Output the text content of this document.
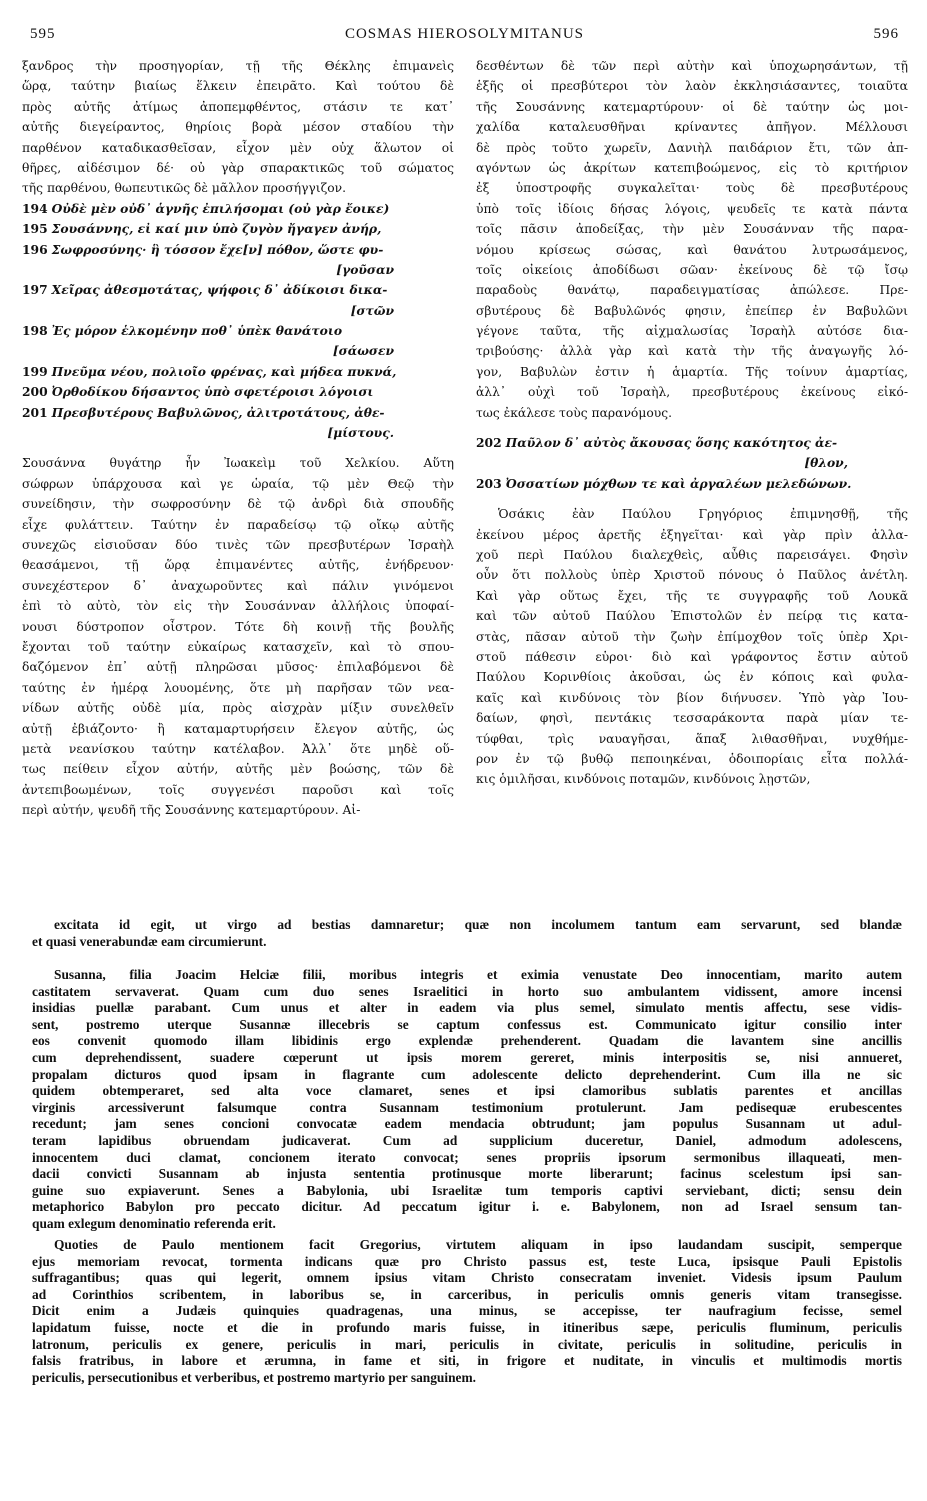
595	COSMAS HIEROSOLYMITANUS	596
ξανδρος τὴν προσηγορίαν, τῇ τῆς Θέκλης ἐπιμανεὶς
ὥρᾳ, ταύτην βιαίως ἕλκειν ἐπειρᾶτο. Καὶ τούτου δὲ
πρὸς αὐτῆς ἀτίμως ἀποπεμφθέντος, στάσιν τε κατ᾽
αὐτῆς διεγείραντος, θηρίοις βορὰ μέσον σταδίου τὴν
παρθένον καταδικασθεῖσαν, εἶχον μὲν οὐχ ἅλωτον οἱ
θῆρες, αἰδέσιμον δέ· οὐ γὰρ σπαρακτικῶς τοῦ σώματος
τῆς παρθένου, θωπευτικῶς δὲ μᾶλλον προσήγγιζον.
194 Οὐδὲ μὲν οὐδ᾽ ἁγνῆς ἐπιλήσομαι (οὐ γὰρ ἔοικε)
195 Σουσάννης, εἰ καί μιν ὑπὸ ζυγὸν ἤγαγεν ἀνήρ,
196 Σωφροσύνης· ἣ τόσσον ἔχε[ν] πόθον, ὥστε φυ-
[γοῦσαν
197 Χεῖρας ἀθεσμοτάτας, ψήφοις δ᾽ ἀδίκοισι δικα-
[στῶν
198 Ἐς μόρον ἑλκομένην ποθ᾽ ὑπὲκ θανάτοιο
[σάωσεν
199 Πνεῦμα νέου, πολιοῖο φρένας, καὶ μήδεα πυκνά,
200 Ὀρθοδίκου δήσαντος ὑπὸ σφετέροισι λόγοισι
201 Πρεσβυτέρους Βαβυλῶνος, ἀλιτροτάτους, ἀθε-
[μίστους.
Σουσάννα θυγάτηρ ἦν Ἰωακεὶμ τοῦ Χελκίου. Αὕτη
σώφρων ὑπάρχουσα καὶ γε ὡραία, τῷ μὲν Θεῷ τὴν
συνείδησιν, τὴν σωφροσύνην δὲ τῷ ἀνδρὶ διὰ σπουδῆς
εἶχε φυλάττειν. Ταύτην ἐν παραδείσῳ τῷ οἴκῳ αὐτῆς
συνεχῶς εἰσιοῦσαν δύο τινὲς τῶν πρεσβυτέρων Ἰσραὴλ
θεασάμενοι, τῇ ὥρᾳ ἐπιμανέντες αὐτῆς, ἐνήδρευον·
συνεχέστερον δ᾽ ἀναχωροῦντες καὶ πάλιν γινόμενοι
ἐπὶ τὸ αὐτὸ, τὸν εἰς τὴν Σουσάνναν ἀλλήλοις ὑποφαί-
νουσι δύστροπον οἶστρον. Τότε δὴ κοινῇ τῆς βουλῆς
ἔχονται τοῦ ταύτην εὐκαίρως κατασχεῖν, καὶ τὸ σπου-
δαζόμενον ἐπ᾽ αὐτῇ πληρῶσαι μῦσος· ἐπιλαβόμενοι δὲ
ταύτης ἐν ἡμέρᾳ λουομένης, ὅτε μὴ παρῆσαν τῶν νεα-
νίδων αὐτῆς οὐδὲ μία, πρὸς αἰσχρὰν μίξιν συνελθεῖν
αὐτῇ ἐβιάζοντο· ἢ καταμαρτυρήσειν ἔλεγον αὐτῆς, ὡς
μετὰ νεανίσκου ταύτην κατέλαβον. Ἀλλ᾽ ὅτε μηδὲ οὕ-
τως πείθειν εἶχον αὐτήν, αὐτῆς μὲν βοώσης, τῶν δὲ
ἀντεπιβοωμένων, τοῖς συγγενέσι παροῦσι καὶ τοῖς
περὶ αὐτήν, ψευδῆ τῆς Σουσάννης κατεμαρτύρουν. Αἰ-
δεσθέντων δὲ τῶν περὶ αὐτὴν καὶ ὑποχωρησάντων, τῇ
ἑξῆς οἱ πρεσβύτεροι τὸν λαὸν ἐκκλησιάσαντες, τοιαῦτα
τῆς Σουσάννης κατεμαρτύρουν· οἱ δὲ ταύτην ὡς μοι-
χαλίδα καταλευσθῆναι κρίναντες ἀπῆγον. Μέλλουσι
δὲ πρὸς τοῦτο χωρεῖν, Δανιὴλ παιδάριον ἔτι, τῶν ἀπ-
αγόντων ὡς ἀκρίτων κατεπιβοώμενος, εἰς τὸ κριτήριον
ἐξ ὑποστροφῆς συγκαλεῖται· τοὺς δὲ πρεσβυτέρους
ὑπὸ τοῖς ἰδίοις δήσας λόγοις, ψευδεῖς τε κατὰ πάντα
τοῖς πᾶσιν ἀποδείξας, τὴν μὲν Σουσάνναν τῆς παρα-
νόμου κρίσεως σώσας, καὶ θανάτου λυτρωσάμενος,
τοῖς οἰκείοις ἀποδίδωσι σῶαν· ἐκείνους δὲ τῷ ἴσῳ
παραδοὺς θανάτῳ, παραδειγματίσας ἀπώλεσε. Πρε-
σβυτέρους δὲ Βαβυλῶνός φησιν, ἐπείπερ ἐν Βαβυλῶνι
γέγονε ταῦτα, τῆς αἰχμαλωσίας Ἰσραὴλ αὐτόσε δια-
τριβούσης· ἀλλὰ γὰρ καὶ κατὰ τὴν τῆς ἀναγωγῆς λό-
γον, Βαβυλὼν ἐστιν ἡ ἁμαρτία. Τῆς τοίνυν ἁμαρτίας,
ἀλλ᾽ οὐχὶ τοῦ Ἰσραὴλ, πρεσβυτέρους ἐκείνους εἰκό-
τως ἐκάλεσε τοὺς παρανόμους.
202 Παῦλον δ᾽ αὐτὸς ἄκουσας ὅσης κακότητος ἀε-
[θλον,
203 Ὀσσατίων μόχθων τε καὶ ἀργαλέων μελεδώνων.
Ὁσάκις ἐὰν Παύλου Γρηγόριος ἐπιμνησθῇ, τῆς
ἐκείνου μέρος ἀρετῆς ἐξηγεῖται· καὶ γὰρ πρὶν ἀλλα-
χοῦ περὶ Παύλου διαλεχθεὶς, αὖθις παρεισάγει. Φησὶν
οὖν ὅτι πολλοὺς ὑπὲρ Χριστοῦ πόνους ὁ Παῦλος ἀνέτλη.
Καὶ γὰρ οὕτως ἔχει, τῆς τε συγγραφῆς τοῦ Λουκᾶ
καὶ τῶν αὐτοῦ Παύλου Ἐπιστολῶν ἐν πείρᾳ τις κατα-
στὰς, πᾶσαν αὐτοῦ τὴν ζωὴν ἐπίμοχθον τοῖς ὑπὲρ Χρι-
στοῦ πάθεσιν εὑροι· διὸ καὶ γράφοντος ἔστιν αὐτοῦ
Παύλου Κορινθίοις ἀκοῦσαι, ὡς ἐν κόποις καὶ φυλα-
καῖς καὶ κινδύνοις τὸν βίον διήνυσεν. Ὑπὸ γὰρ Ἰου-
δαίων, φησὶ, πεντάκις τεσσαράκοντα παρὰ μίαν τε-
τύφθαι, τρὶς ναυαγῆσαι, ἅπαξ λιθασθῆναι, νυχθήμε-
ρον ἐν τῷ βυθῷ πεποιηκέναι, ὁδοιπορίαις εἶτα πολλά-
κις ὁμιλῆσαι, κινδύνοις ποταμῶν, κινδύνοις λῃστῶν,
excitata id egit, ut virgo ad bestias damnaretur; quæ non incolumem tantum eam servarunt, sed blandæ
et quasi venerabundæ eam circumierunt.
Susanna, filia Joacim Helciæ filii, moribus integris et eximia venustate Deo innocentiam, marito autem
castitatem servaverat. Quam cum duo senes Israelitici in horto suo ambulantem vidissent, amore incensi
insidias puellæ parabant. Cum unus et alter in eadem via plus semel, simulato mentis affectu, sese vidis-
sent, postremo uterque Susannæ illecebris se captum confessus est. Communicato igitur consilio inter
eos convenit quomodo illam libidinis ergo explendæ prehenderent. Quadam die lavantem sine ancillis
cum deprehendissent, suadere cœperunt ut ipsis morem gereret, minis interpositis se, nisi annueret,
propalam dicturos quod ipsam in flagrante cum adolescente delicto deprehenderint. Cum illa ne sic
quidem obtemperaret, sed alta voce clamaret, senes et ipsi clamoribus sublatis parentes et ancillas
virginis arcessiverunt falsumque contra Susannam testimonium protulerunt. Jam pedisequæ erubescentes
recedunt; jam senes concioni convocatæ eadem mendacia obtrudunt; jam populus Susannam ut adul-
teram lapidibus obruendam judicaverat. Cum ad supplicium duceretur, Daniel, admodum adolescens,
innocentem duci clamat, concionem iterato convocat; senes propriis ipsorum sermonibus illaqueati, men-
dacii convicti Susannam ab injusta sententia protinusque morte liberarunt; facinus scelestum ipsi san-
guine suo expiaverunt. Senes a Babylonia, ubi Israelitæ tum temporis captivi serviebant, dicti; sensu dein
metaphorico Babylon pro peccato dicitur. Ad peccatum igitur i. e. Babylonem, non ad Israel sensum tan-
quam exlegum denominatio referenda erit.
Quoties de Paulo mentionem facit Gregorius, virtutem aliquam in ipso laudandam suscipit, semperque
ejus memoriam revocat, tormenta indicans quæ pro Christo passus est, teste Luca, ipsisque Pauli Epistolis
suffragantibus; quas qui legerit, omnem ipsius vitam Christo consecratam inveniet. Videsis ipsum Paulum
ad Corinthios scribentem, in laboribus se, in carceribus, in periculis omnis generis vitam transegisse.
Dicit enim a Judæis quinquies quadragenas, una minus, se accepisse, ter naufragium fecisse, semel
lapidatum fuisse, nocte et die in profundo maris fuisse, in itineribus sæpe, periculis fluminum, periculis
latronum, periculis ex genere, periculis in mari, periculis in civitate, periculis in solitudine, periculis in
falsis fratribus, in labore et ærumna, in fame et siti, in frigore et nuditate, in vinculis et multimodis mortis
periculis, persecutionibus et verberibus, et postremo martyrio per sanguinem.
